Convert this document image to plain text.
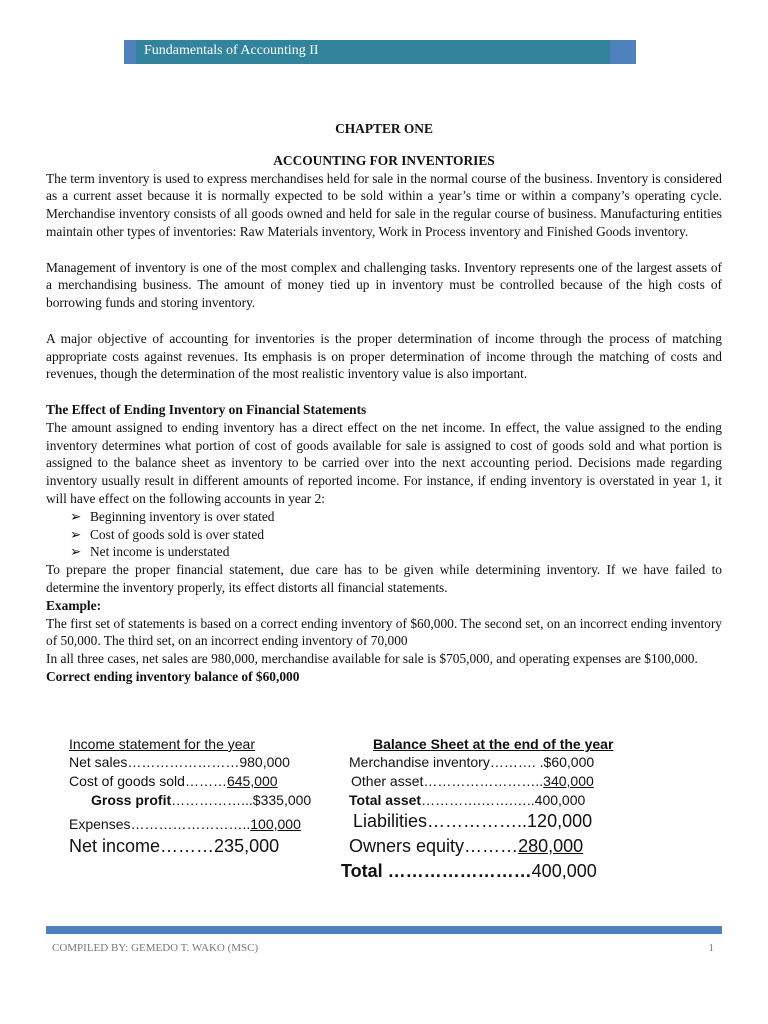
Fundamentals of Accounting II
CHAPTER ONE
ACCOUNTING FOR INVENTORIES

The term inventory is used to express merchandises held for sale in the normal course of the business. Inventory is considered as a current asset because it is normally expected to be sold within a year’s time or within a company’s operating cycle. Merchandise inventory consists of all goods owned and held for sale in the regular course of business. Manufacturing entities maintain other types of inventories: Raw Materials inventory, Work in Process inventory and Finished Goods inventory.

Management of inventory is one of the most complex and challenging tasks. Inventory represents one of the largest assets of a merchandising business. The amount of money tied up in inventory must be controlled because of the high costs of borrowing funds and storing inventory.

A major objective of accounting for inventories is the proper determination of income through the process of matching appropriate costs against revenues. Its emphasis is on proper determination of income through the matching of costs and revenues, though the determination of the most realistic inventory value is also important.

The Effect of Ending Inventory on Financial Statements

The amount assigned to ending inventory has a direct effect on the net income. In effect, the value assigned to the ending inventory determines what portion of cost of goods available for sale is assigned to cost of goods sold and what portion is assigned to the balance sheet as inventory to be carried over into the next accounting period. Decisions made regarding inventory usually result in different amounts of reported income. For instance, if ending inventory is overstated in year 1, it will have effect on the following accounts in year 2:

➢ Beginning inventory is over stated
➢ Cost of goods sold is over stated
➢ Net income is understated

To prepare the proper financial statement, due care has to be given while determining inventory. If we have failed to determine the inventory properly, its effect distorts all financial statements.

Example:

The first set of statements is based on a correct ending inventory of $60,000. The second set, on an incorrect ending inventory of 50,000. The third set, on an incorrect ending inventory of 70,000

In all three cases, net sales are 980,000, merchandise available for sale is $705,000, and operating expenses are $100,000.

Correct ending inventory balance of $60,000

Income statement for the year
Net sales……………………980,000
Cost of goods sold………645,000
Gross profit……………...$335,000
Expenses……………………..100,000
Net income………235,000
Balance Sheet at the end of the year
Merchandise inventory………. .$60,000
Other asset……………………..340,000
Total asset………….…….…..400,000
Liabilities……………..120,000
Owners equity………280,000
Total ……………………400,000
COMPILED BY: GEMEDO T. WAKO (MSC)	1
